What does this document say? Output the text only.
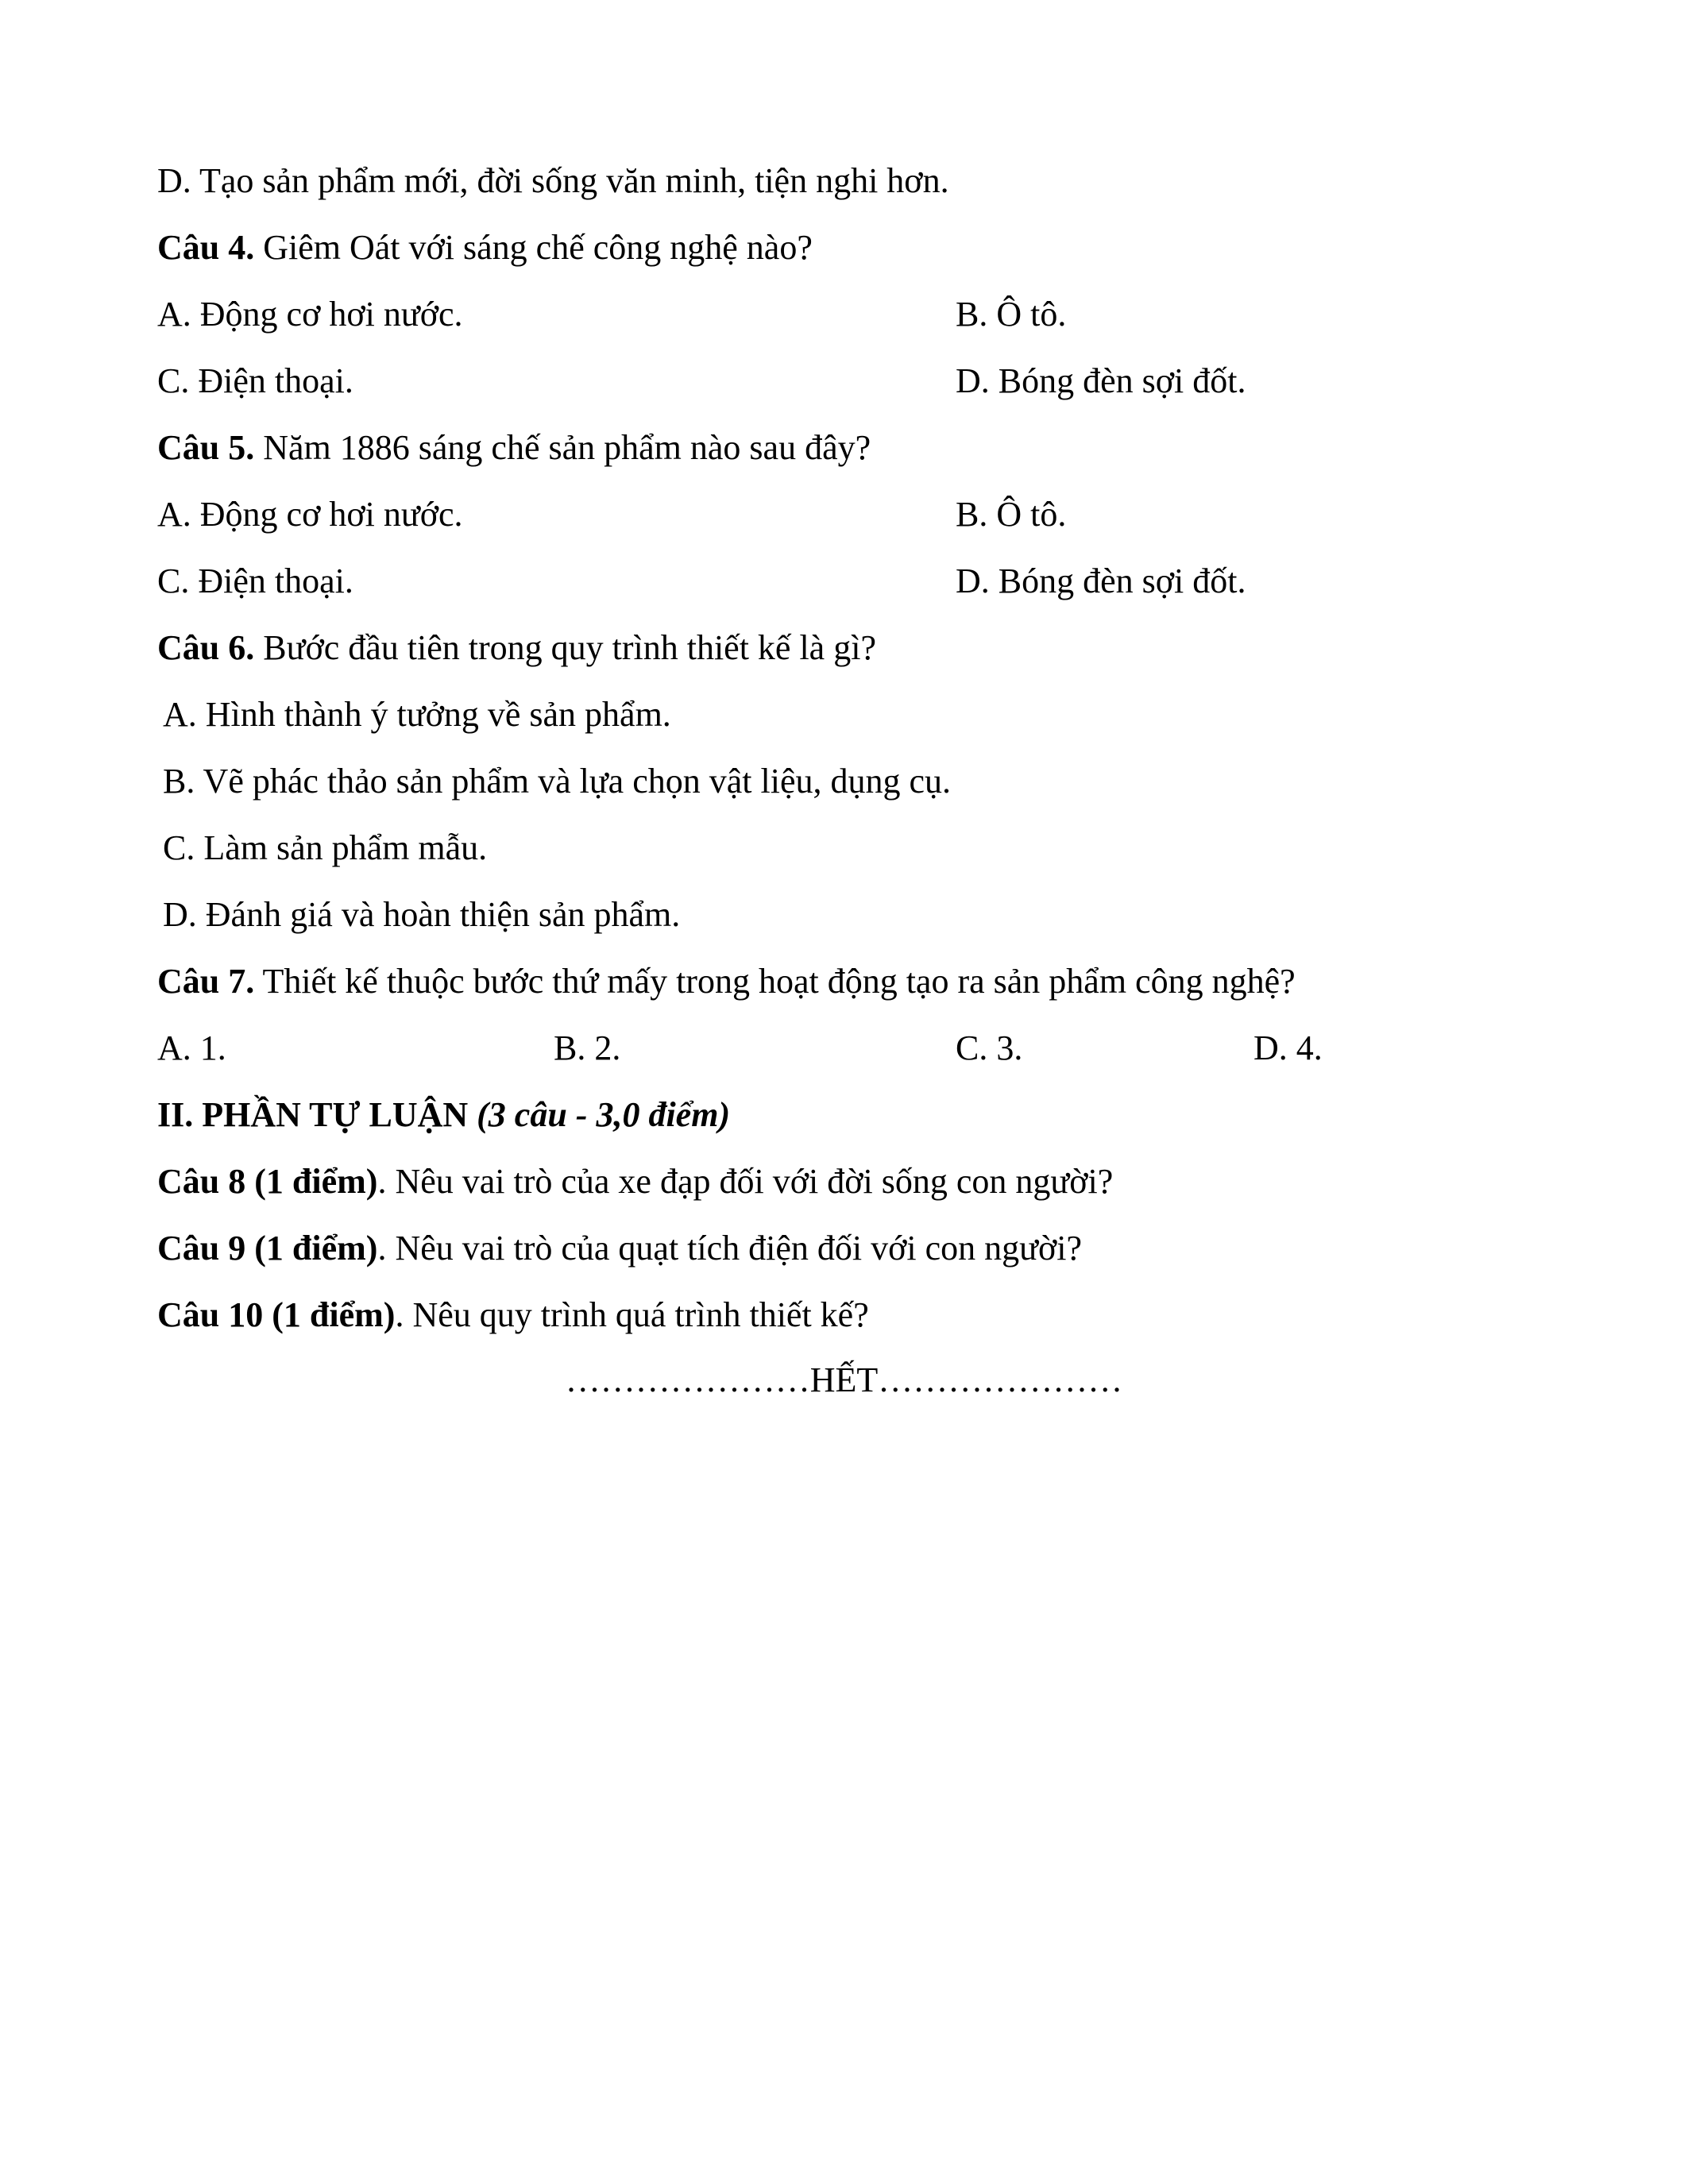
D. Tạo sản phẩm mới, đời sống văn minh, tiện nghi hơn.
Câu 4. Giêm Oát với sáng chế công nghệ nào?
A. Động cơ hơi nước.	B. Ô tô.
C. Điện thoại.	D. Bóng đèn sợi đốt.
Câu 5. Năm 1886 sáng chế sản phẩm nào sau đây?
A. Động cơ hơi nước.	B. Ô tô.
C. Điện thoại.	D. Bóng đèn sợi đốt.
Câu 6. Bước đầu tiên trong quy trình thiết kế là gì?
A. Hình thành ý tưởng về sản phẩm.
B. Vẽ phác thảo sản phẩm và lựa chọn vật liệu, dụng cụ.
C. Làm sản phẩm mẫu.
D. Đánh giá và hoàn thiện sản phẩm.
Câu 7. Thiết kế thuộc bước thứ mấy trong hoạt động tạo ra sản phẩm công nghệ?
A. 1.	B. 2.	C. 3.	D. 4.
II. PHẦN TỰ LUẬN (3 câu - 3,0 điểm)
Câu 8 (1 điểm). Nêu vai trò của xe đạp đối với đời sống con người?
Câu 9 (1 điểm). Nêu vai trò của quạt tích điện đối với con người?
Câu 10 (1 điểm). Nêu quy trình quá trình thiết kế?
…………………HẾT…………………
